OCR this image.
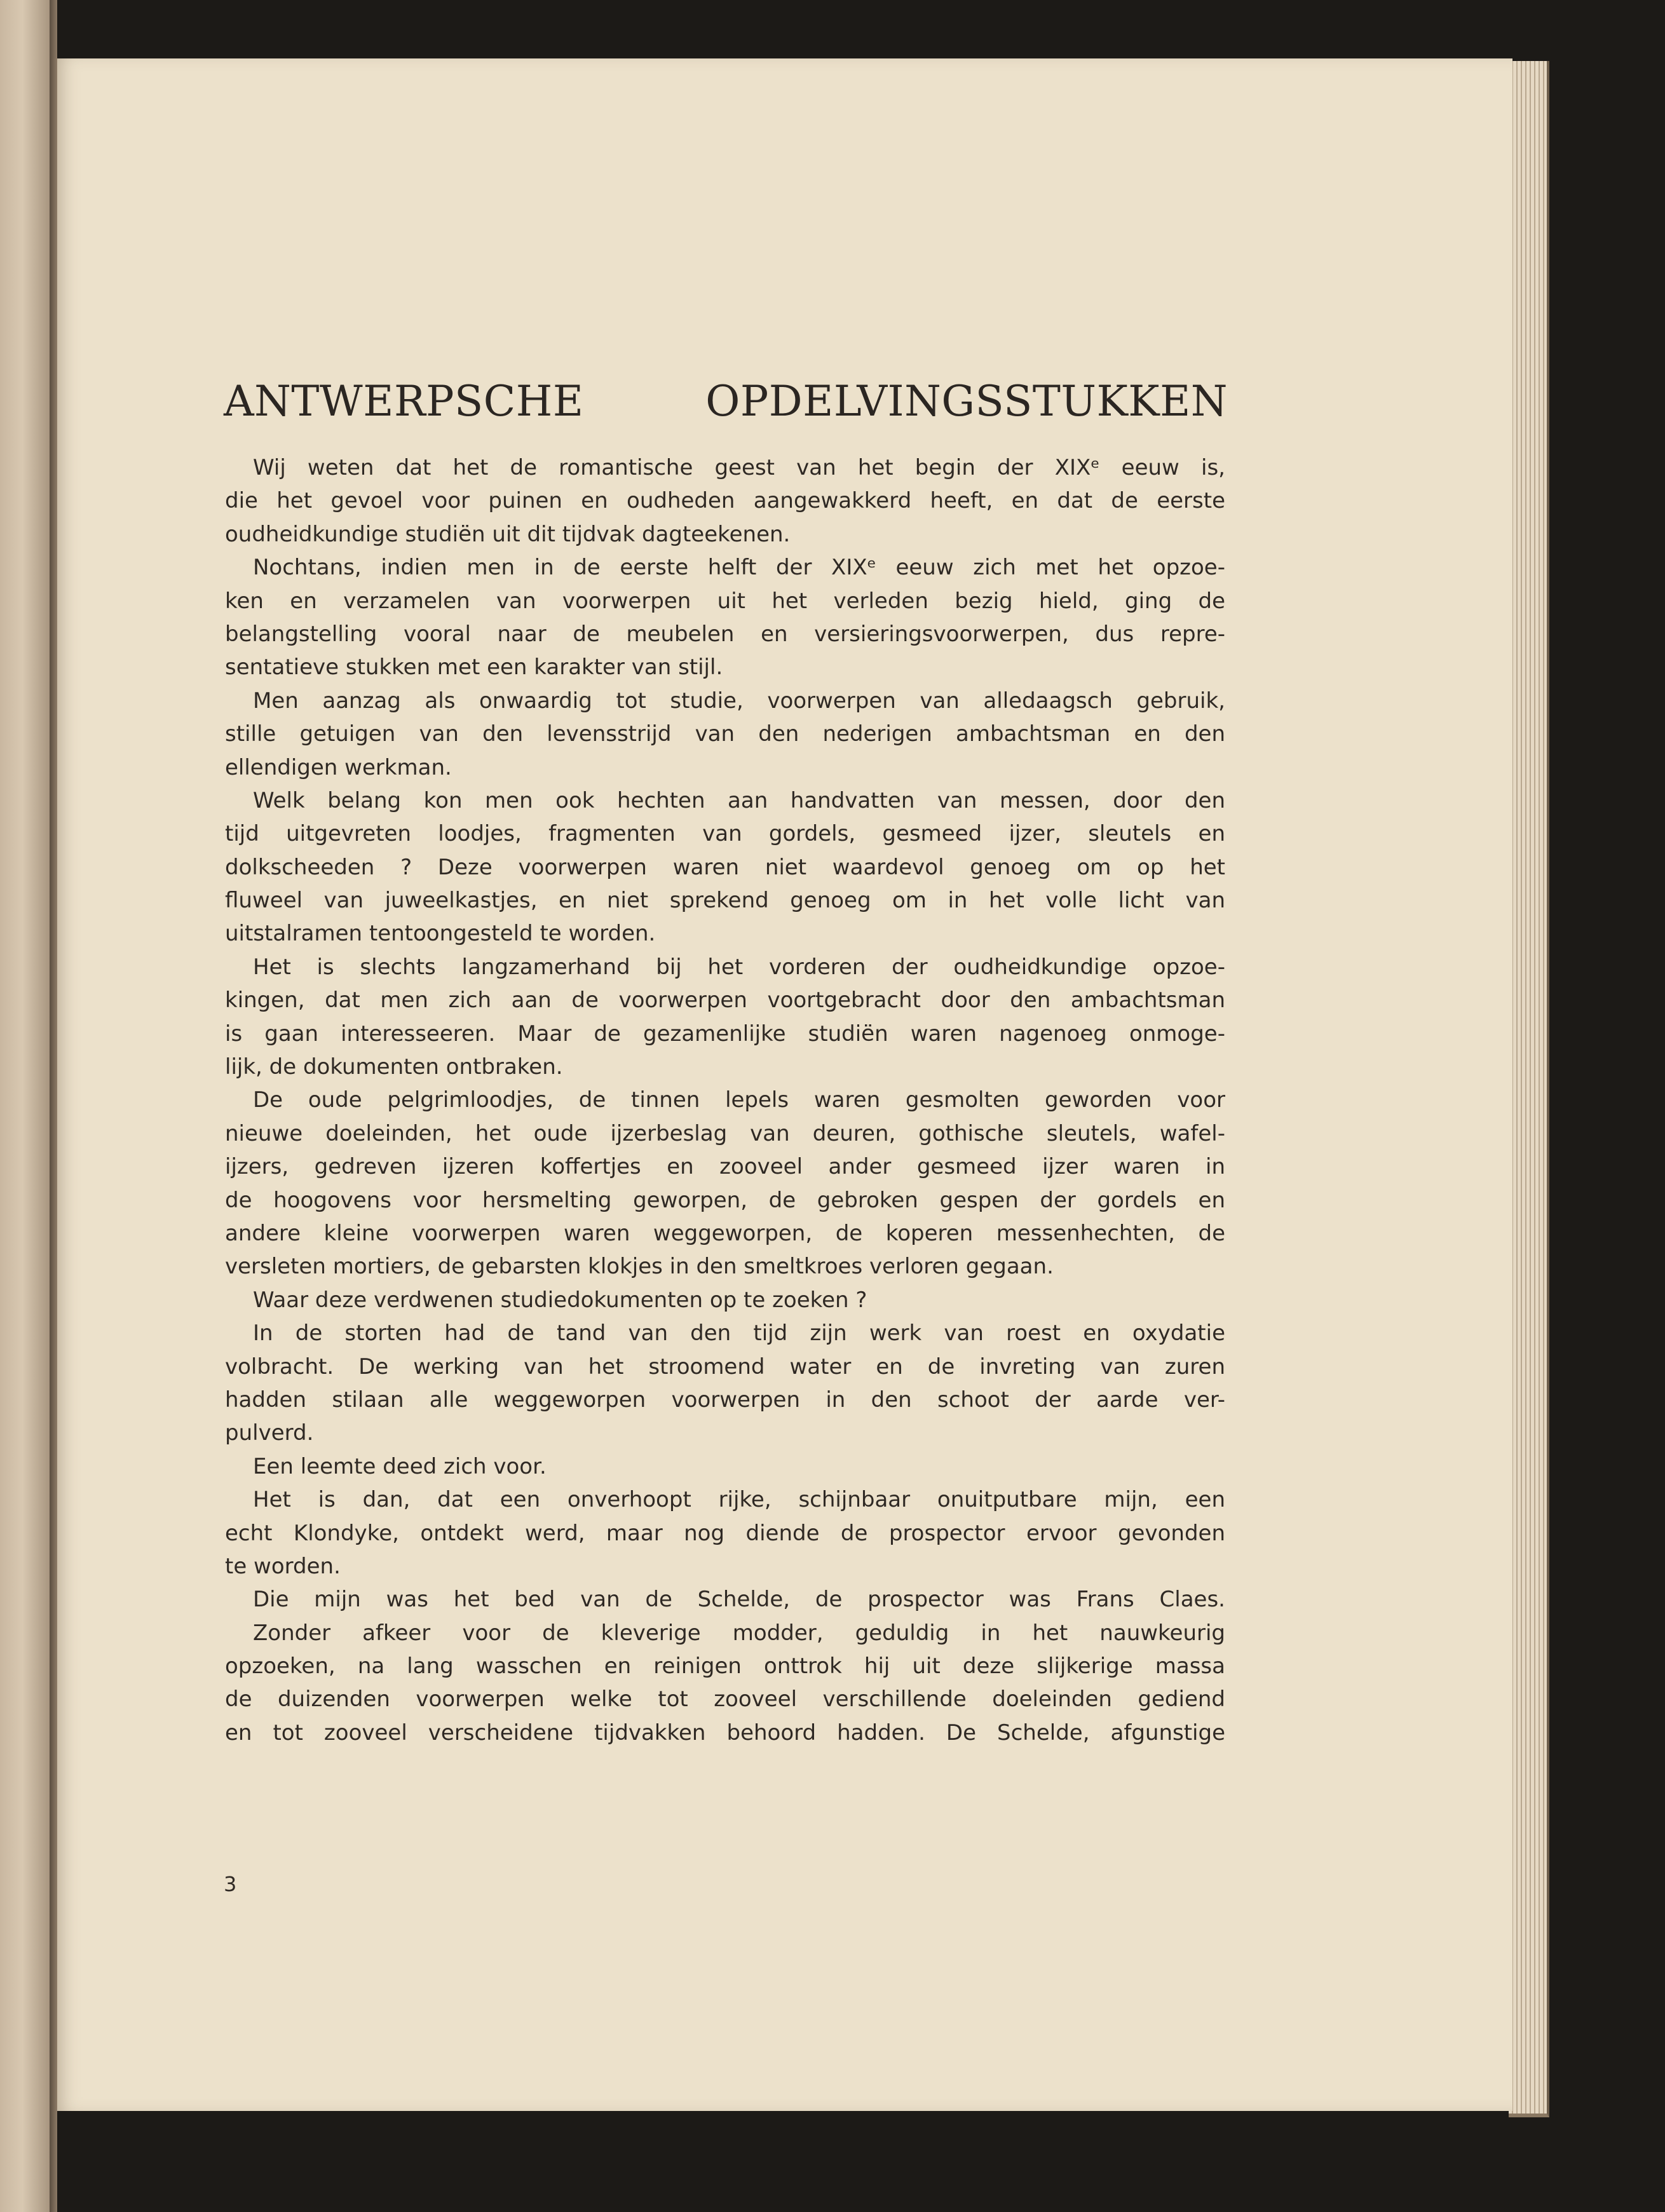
ANTWERPSCHE OPDELVINGSSTUKKEN
Wij weten dat het de romantische geest van het begin der XIXᵉ eeuw is,
die het gevoel voor puinen en oudheden aangewakkerd heeft, en dat de eerste
oudheidkundige studiën uit dit tijdvak dagteekenen.
Nochtans, indien men in de eerste helft der XIXᵉ eeuw zich met het opzoe-
ken en verzamelen van voorwerpen uit het verleden bezig hield, ging de
belangstelling vooral naar de meubelen en versieringsvoorwerpen, dus repre-
sentatieve stukken met een karakter van stijl.
Men aanzag als onwaardig tot studie, voorwerpen van alledaagsch gebruik,
stille getuigen van den levensstrijd van den nederigen ambachtsman en den
ellendigen werkman.
Welk belang kon men ook hechten aan handvatten van messen, door den
tijd uitgevreten loodjes, fragmenten van gordels, gesmeed ijzer, sleutels en
dolkscheeden ? Deze voorwerpen waren niet waardevol genoeg om op het
fluweel van juweelkastjes, en niet sprekend genoeg om in het volle licht van
uitstalramen tentoongesteld te worden.
Het is slechts langzamerhand bij het vorderen der oudheidkundige opzoe-
kingen, dat men zich aan de voorwerpen voortgebracht door den ambachtsman
is gaan interesseeren. Maar de gezamenlijke studiën waren nagenoeg onmoge-
lijk, de dokumenten ontbraken.
De oude pelgrimloodjes, de tinnen lepels waren gesmolten geworden voor
nieuwe doeleinden, het oude ijzerbeslag van deuren, gothische sleutels, wafel-
ijzers, gedreven ijzeren koffertjes en zooveel ander gesmeed ijzer waren in
de hoogovens voor hersmelting geworpen, de gebroken gespen der gordels en
andere kleine voorwerpen waren weggeworpen, de koperen messenhechten, de
versleten mortiers, de gebarsten klokjes in den smeltkroes verloren gegaan.
Waar deze verdwenen studiedokumenten op te zoeken ?
In de storten had de tand van den tijd zijn werk van roest en oxydatie
volbracht. De werking van het stroomend water en de invreting van zuren
hadden stilaan alle weggeworpen voorwerpen in den schoot der aarde ver-
pulverd.
Een leemte deed zich voor.
Het is dan, dat een onverhoopt rijke, schijnbaar onuitputbare mijn, een
echt Klondyke, ontdekt werd, maar nog diende de prospector ervoor gevonden
te worden.
Die mijn was het bed van de Schelde, de prospector was Frans Claes.
Zonder afkeer voor de kleverige modder, geduldig in het nauwkeurig
opzoeken, na lang wasschen en reinigen onttrok hij uit deze slijkerige massa
de duizenden voorwerpen welke tot zooveel verschillende doeleinden gediend
en tot zooveel verscheidene tijdvakken behoord hadden. De Schelde, afgunstige

3
